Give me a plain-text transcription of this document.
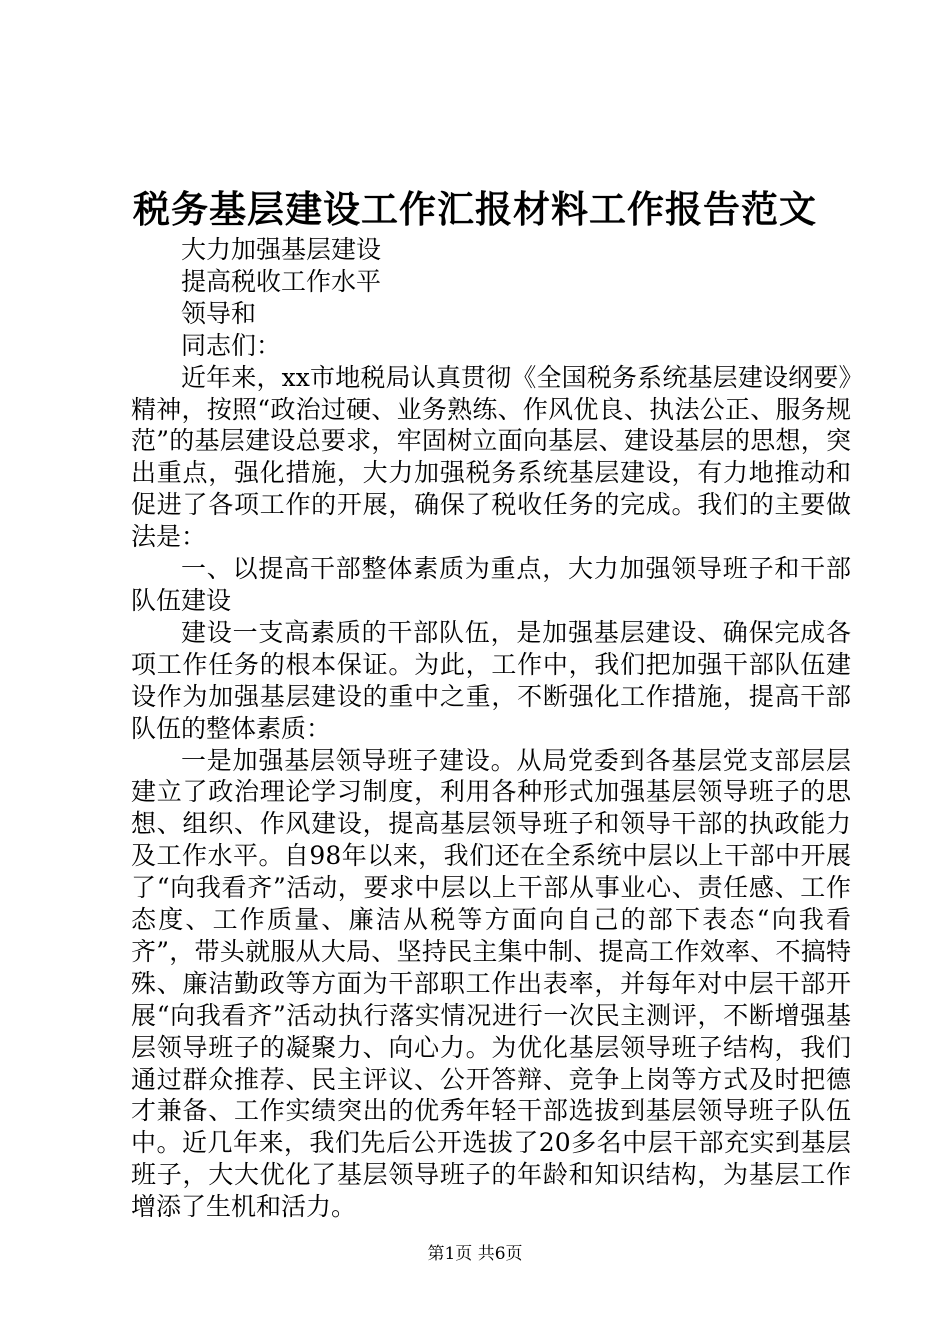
税务基层建设工作汇报材料工作报告范文

大力加强基层建设

提高税收工作水平

领导和

同志们：

近年来，xx市地税局认真贯彻《全国税务系统基层建设纲要》精神，按照“政治过硬、业务熟练、作风优良、执法公正、服务规范”的基层建设总要求，牢固树立面向基层、建设基层的思想，突出重点，强化措施，大力加强税务系统基层建设，有力地推动和促进了各项工作的开展，确保了税收任务的完成。我们的主要做法是：

一、以提高干部整体素质为重点，大力加强领导班子和干部队伍建设

建设一支高素质的干部队伍，是加强基层建设、确保完成各项工作任务的根本保证。为此，工作中，我们把加强干部队伍建设作为加强基层建设的重中之重，不断强化工作措施，提高干部队伍的整体素质：

一是加强基层领导班子建设。从局党委到各基层党支部层层建立了政治理论学习制度，利用各种形式加强基层领导班子的思想、组织、作风建设，提高基层领导班子和领导干部的执政能力及工作水平。自98年以来，我们还在全系统中层以上干部中开展了“向我看齐”活动，要求中层以上干部从事业心、责任感、工作态度、工作质量、廉洁从税等方面向自己的部下表态“向我看齐”，带头就服从大局、坚持民主集中制、提高工作效率、不搞特殊、廉洁勤政等方面为干部职工作出表率，并每年对中层干部开展“向我看齐”活动执行落实情况进行一次民主测评，不断增强基层领导班子的凝聚力、向心力。为优化基层领导班子结构，我们通过群众推荐、民主评议、公开答辩、竞争上岗等方式及时把德才兼备、工作实绩突出的优秀年轻干部选拔到基层领导班子队伍中。近几年来，我们先后公开选拔了20多名中层干部充实到基层班子，大大优化了基层领导班子的年龄和知识结构，为基层工作增添了生机和活力。

第1页 共6页
